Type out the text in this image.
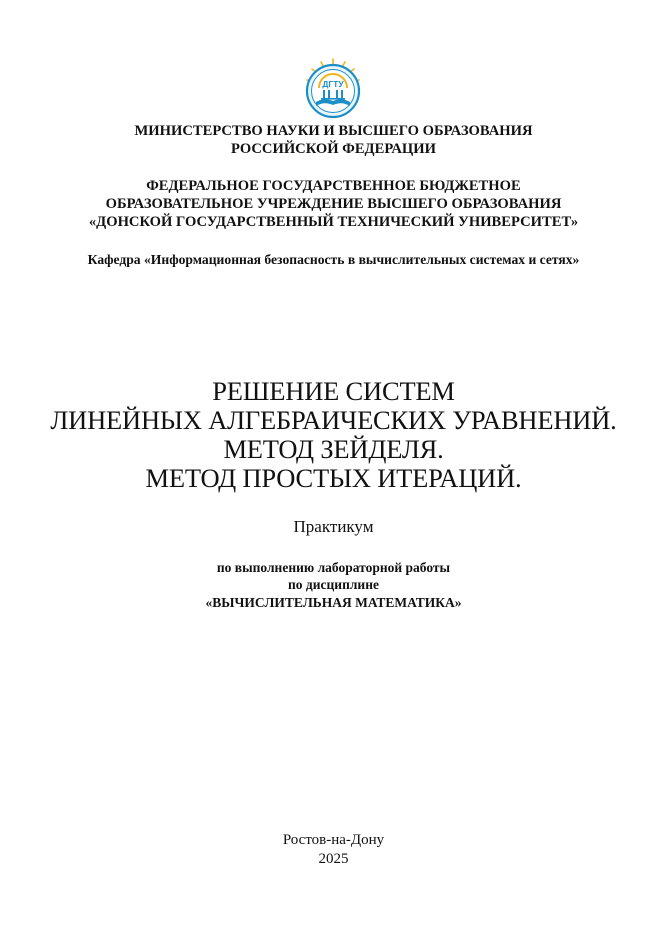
ДГТУ
МИНИСТЕРСТВО НАУКИ И ВЫСШЕГО ОБРАЗОВАНИЯ
РОССИЙСКОЙ ФЕДЕРАЦИИ
ФЕДЕРАЛЬНОЕ ГОСУДАРСТВЕННОЕ БЮДЖЕТНОЕ
ОБРАЗОВАТЕЛЬНОЕ УЧРЕЖДЕНИЕ ВЫСШЕГО ОБРАЗОВАНИЯ
«ДОНСКОЙ ГОСУДАРСТВЕННЫЙ ТЕХНИЧЕСКИЙ УНИВЕРСИТЕТ»
Кафедра «Информационная безопасность в вычислительных системах и сетях»
РЕШЕНИЕ СИСТЕМ
ЛИНЕЙНЫХ АЛГЕБРАИЧЕСКИХ УРАВНЕНИЙ.
МЕТОД ЗЕЙДЕЛЯ.
МЕТОД ПРОСТЫХ ИТЕРАЦИЙ.
Практикум
по выполнению лабораторной работы
по дисциплине
«ВЫЧИСЛИТЕЛЬНАЯ МАТЕМАТИКА»
Ростов-на-Дону
2025
